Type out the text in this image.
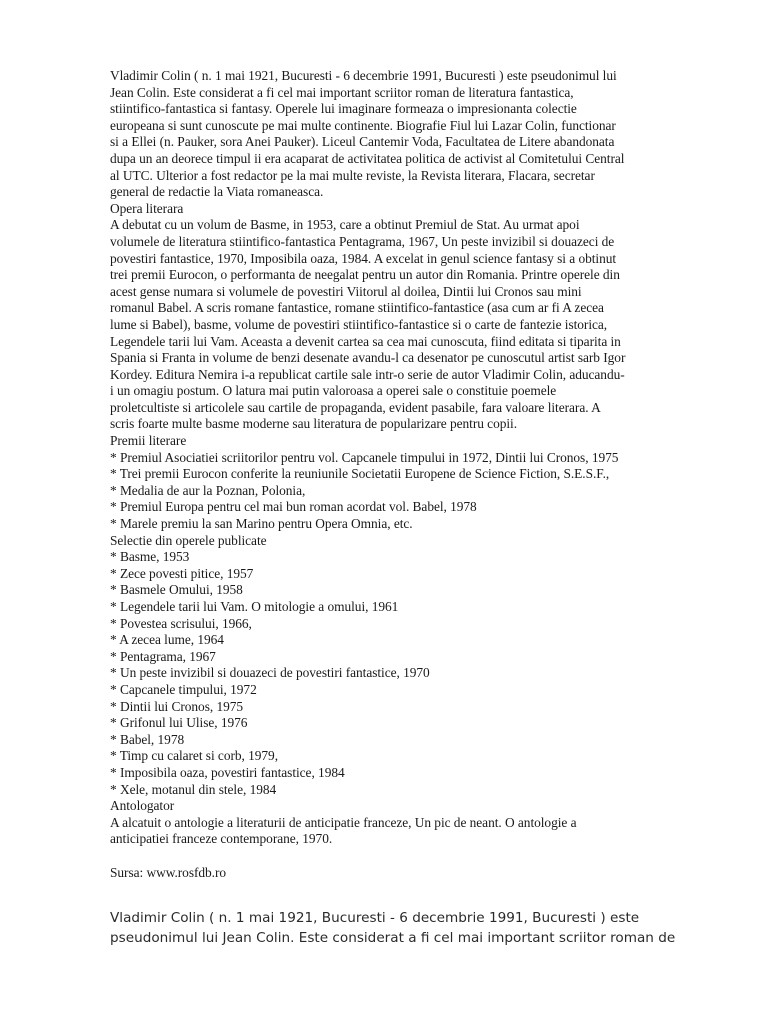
Vladimir Colin ( n. 1 mai 1921, Bucuresti - 6 decembrie 1991, Bucuresti ) este pseudonimul lui
Jean Colin. Este considerat a fi cel mai important scriitor roman de literatura fantastica,
stiintifico-fantastica si fantasy. Operele lui imaginare formeaza o impresionanta colectie
europeana si sunt cunoscute pe mai multe continente. Biografie Fiul lui Lazar Colin, functionar
si a Ellei (n. Pauker, sora Anei Pauker). Liceul Cantemir Voda, Facultatea de Litere abandonata
dupa un an deorece timpul ii era acaparat de activitatea politica de activist al Comitetului Central
al UTC. Ulterior a fost redactor pe la mai multe reviste, la Revista literara, Flacara, secretar
general de redactie la Viata romaneasca.

Opera literara

A debutat cu un volum de Basme, in 1953, care a obtinut Premiul de Stat. Au urmat apoi
volumele de literatura stiintifico-fantastica Pentagrama, 1967, Un peste invizibil si douazeci de
povestiri fantastice, 1970, Imposibila oaza, 1984. A excelat in genul science fantasy si a obtinut
trei premii Eurocon, o performanta de neegalat pentru un autor din Romania. Printre operele din
acest gense numara si volumele de povestiri Viitorul al doilea, Dintii lui Cronos sau mini
romanul Babel. A scris romane fantastice, romane stiintifico-fantastice (asa cum ar fi A zecea
lume si Babel), basme, volume de povestiri stiintifico-fantastice si o carte de fantezie istorica,
Legendele tarii lui Vam. Aceasta a devenit cartea sa cea mai cunoscuta, fiind editata si tiparita in
Spania si Franta in volume de benzi desenate avandu-l ca desenator pe cunoscutul artist sarb Igor
Kordey. Editura Nemira i-a republicat cartile sale intr-o serie de autor Vladimir Colin, aducandu-
i un omagiu postum. O latura mai putin valoroasa a operei sale o constituie poemele
proletcultiste si articolele sau cartile de propaganda, evident pasabile, fara valoare literara. A
scris foarte multe basme moderne sau literatura de popularizare pentru copii.

Premii literare

* Premiul Asociatiei scriitorilor pentru vol. Capcanele timpului in 1972, Dintii lui Cronos, 1975
* Trei premii Eurocon conferite la reuniunile Societatii Europene de Science Fiction, S.E.S.F.,
* Medalia de aur la Poznan, Polonia,
* Premiul Europa pentru cel mai bun roman acordat vol. Babel, 1978
* Marele premiu la san Marino pentru Opera Omnia, etc.

Selectie din operele publicate

* Basme, 1953
* Zece povesti pitice, 1957
* Basmele Omului, 1958
* Legendele tarii lui Vam. O mitologie a omului, 1961
* Povestea scrisului, 1966,
* A zecea lume, 1964
* Pentagrama, 1967
* Un peste invizibil si douazeci de povestiri fantastice, 1970
* Capcanele timpului, 1972
* Dintii lui Cronos, 1975
* Grifonul lui Ulise, 1976
* Babel, 1978
* Timp cu calaret si corb, 1979,
* Imposibila oaza, povestiri fantastice, 1984
* Xele, motanul din stele, 1984

Antologator

A alcatuit o antologie a literaturii de anticipatie franceze, Un pic de neant. O antologie a
anticipatiei franceze contemporane, 1970.

Sursa: www.rosfdb.ro

Vladimir Colin ( n. 1 mai 1921, Bucuresti - 6 decembrie 1991, Bucuresti ) este
pseudonimul lui Jean Colin. Este considerat a fi cel mai important scriitor roman de
